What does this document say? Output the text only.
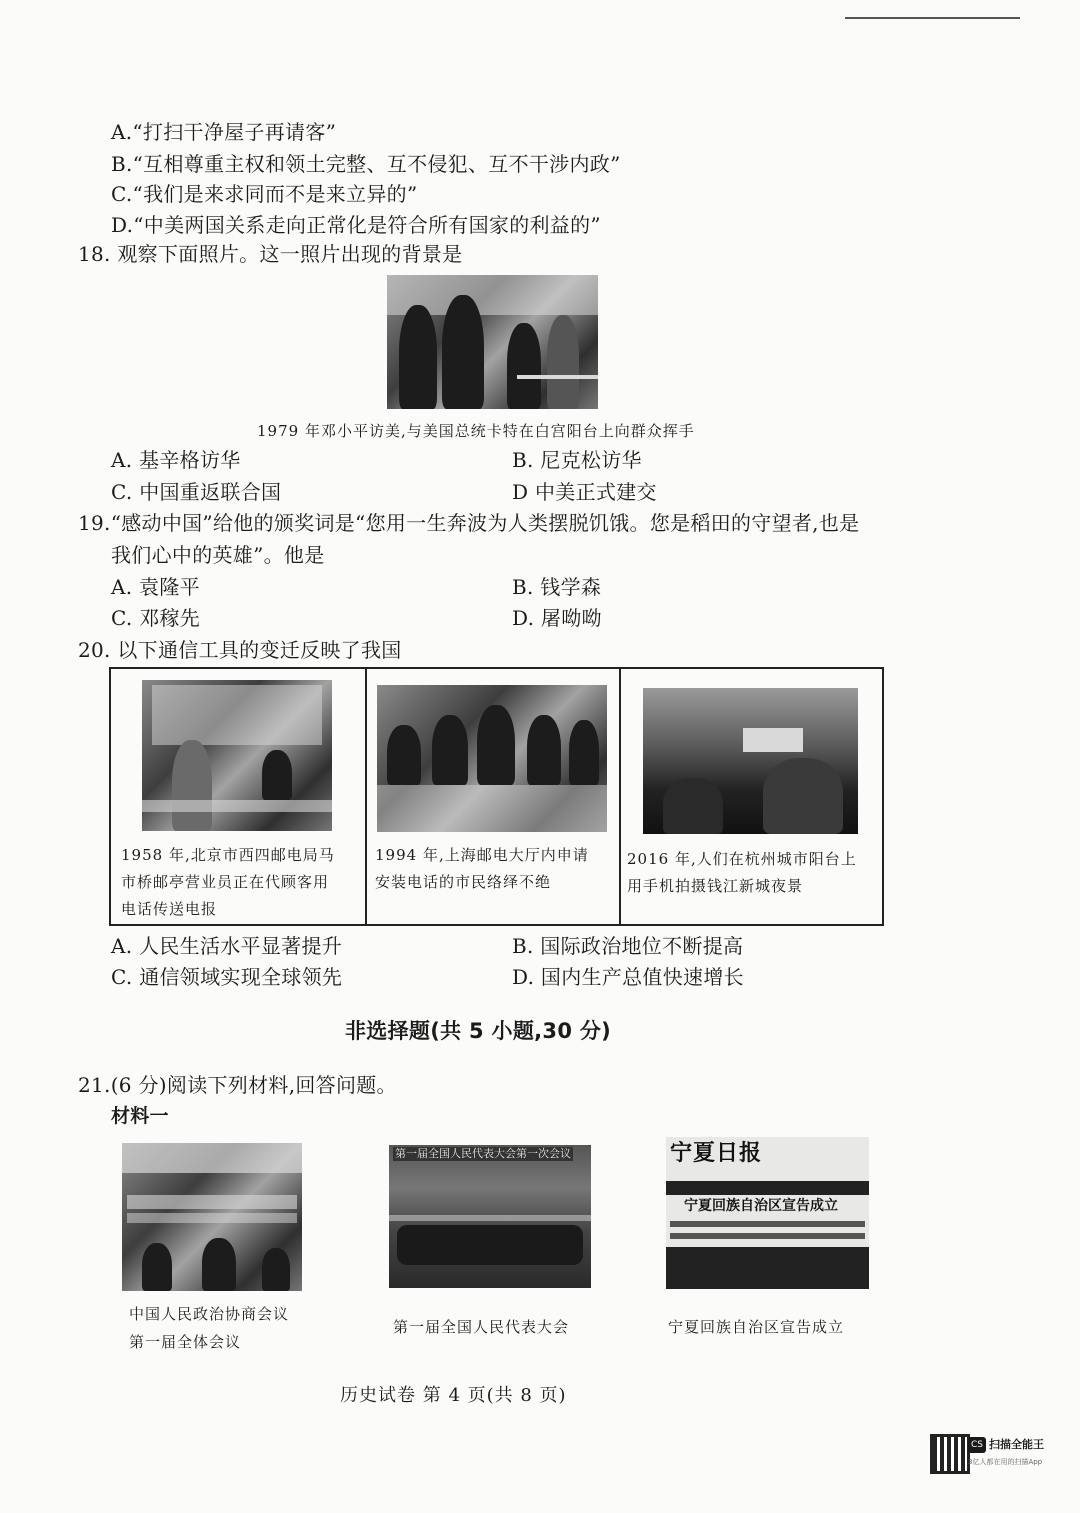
A.“打扫干净屋子再请客”
B.“互相尊重主权和领土完整、互不侵犯、互不干涉内政”
C.“我们是来求同而不是来立异的”
D.“中美两国关系走向正常化是符合所有国家的利益的”
18. 观察下面照片。这一照片出现的背景是
1979 年邓小平访美,与美国总统卡特在白宫阳台上向群众挥手
A. 基辛格访华	B. 尼克松访华
C. 中国重返联合国	D 中美正式建交
19.“感动中国”给他的颁奖词是“您用一生奔波为人类摆脱饥饿。您是稻田的守望者,也是
我们心中的英雄”。他是
A. 袁隆平	B. 钱学森
C. 邓稼先	D. 屠呦呦
20. 以下通信工具的变迁反映了我国
1958 年,北京市西四邮电局马
市桥邮亭营业员正在代顾客用
电话传送电报
1994 年,上海邮电大厅内申请
安装电话的市民络绎不绝
2016 年,人们在杭州城市阳台上
用手机拍摄钱江新城夜景
A. 人民生活水平显著提升	B. 国际政治地位不断提高
C. 通信领域实现全球领先	D. 国内生产总值快速增长
非选择题(共 5 小题,30 分)
21.(6 分)阅读下列材料,回答问题。
材料一
第一届全国人民代表大会第一次会议	宁夏日报
宁夏回族自治区宣告成立
中国人民政治协商会议
第一届全体会议
第一届全国人民代表大会	宁夏回族自治区宣告成立
历史试卷 第 4 页(共 8 页)
CS 扫描全能王
3亿人都在用的扫描App
